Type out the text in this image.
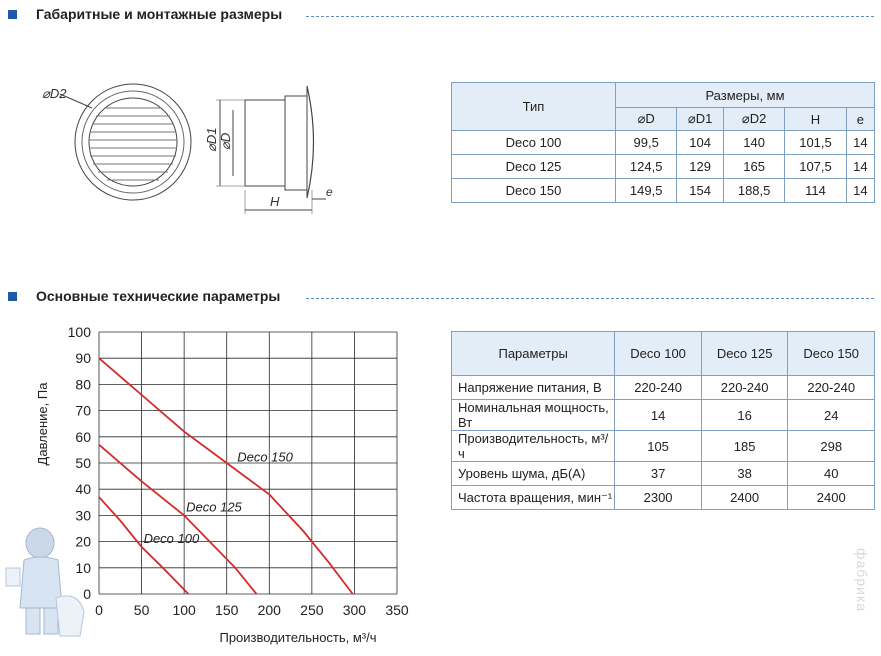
Габаритные и монтажные размеры
⌀D2
⌀D1 ⌀D
H
e
Тип	Размеры, мм				
	⌀D	⌀D1	⌀D2	H	e
Deco 100	99,5	104	140	101,5	14
Deco 125	124,5	129	165	107,5	14
Deco 150	149,5	154	188,5	114	14
Основные технические параметры
0
10
20
30
40
50
60
70
80
90
100
0 50 100 150 200 250 300 350
Deco 100
Deco 125
Deco 150
Давление, Па
Производительность, м³/ч
Параметры	Deco 100	Deco 125	Deco 150
Напряжение питания, В	220-240	220-240	220-240
Номинальная мощность, Вт	14	16	24
Производительность, м³/ч	105	185	298
Уровень шума, дБ(А)	37	38	40
Частота вращения, мин⁻¹	2300	2400	2400
фабрика
